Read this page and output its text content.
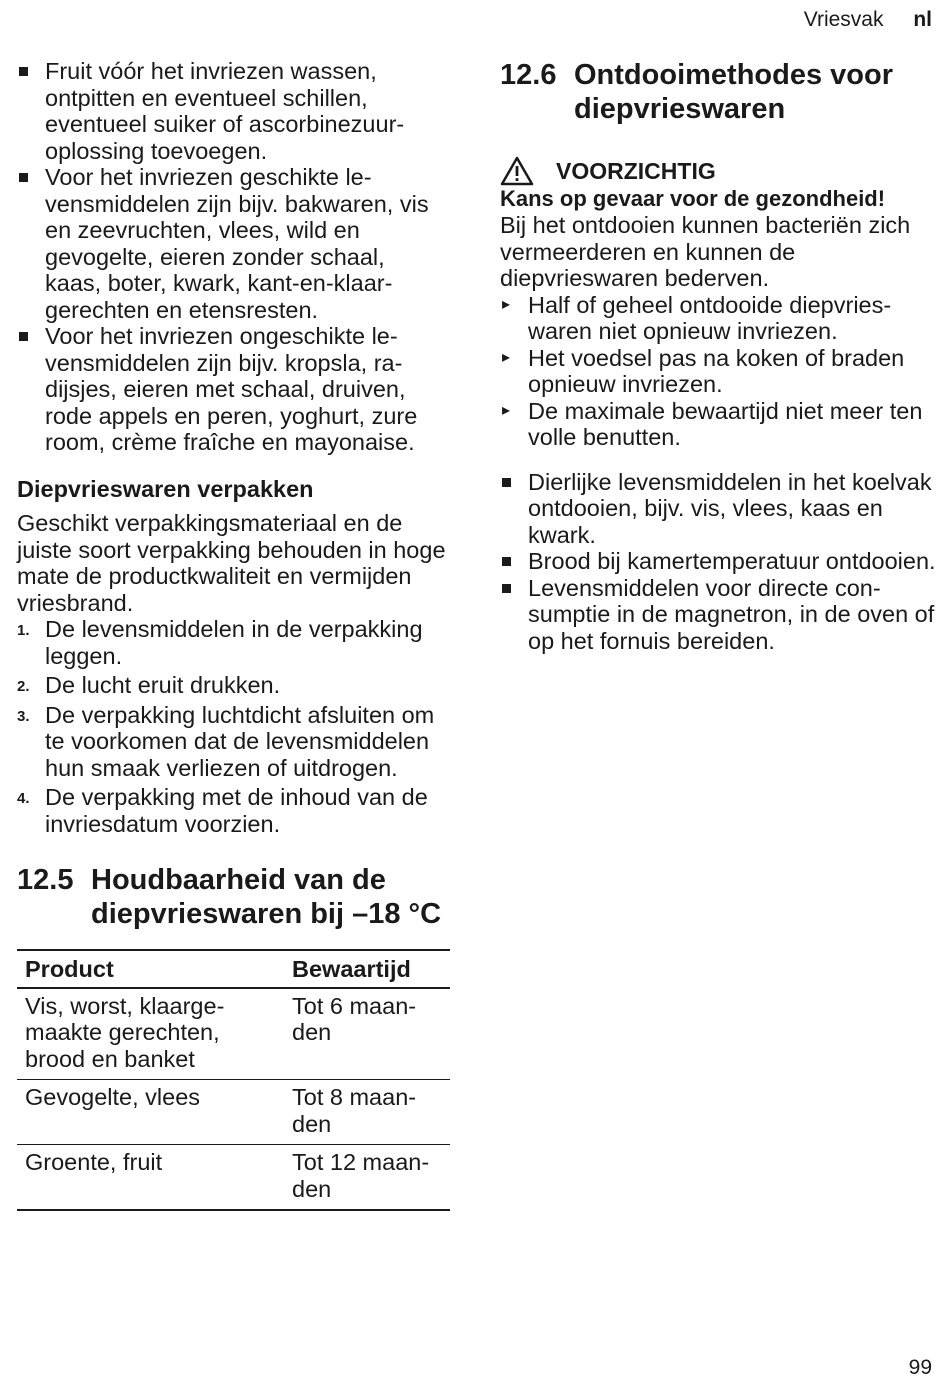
Vriesvak nl
Fruit vóór het invriezen wassen, ontpitten en eventueel schillen, eventueel suiker of ascorbinezuuroplossing toevoegen.
Voor het invriezen geschikte levensmiddelen zijn bijv. bakwaren, vis en zeevruchten, vlees, wild en gevogelte, eieren zonder schaal, kaas, boter, kwark, kant-en-klaargerechten en etensresten.
Voor het invriezen ongeschikte levensmiddelen zijn bijv. kropsla, radijsjes, eieren met schaal, druiven, rode appels en peren, yoghurt, zure room, crème fraîche en mayonaise.
Diepvrieswaren verpakken

Geschikt verpakkingsmateriaal en de juiste soort verpakking behouden in hoge mate de productkwaliteit en vermijden vriesbrand.

1. De levensmiddelen in de verpakking leggen.
2. De lucht eruit drukken.
3. De verpakking luchtdicht afsluiten om te voorkomen dat de levensmiddelen hun smaak verliezen of uitdrogen.
4. De verpakking met de inhoud van de invriesdatum voorzien.
12.5 Houdbaarheid van de diepvrieswaren bij –18 °C
Product	Bewaartijd
Vis, worst, klaargemaakte gerechten, brood en banket	Tot 6 maanden
Gevogelte, vlees	Tot 8 maanden
Groente, fruit	Tot 12 maanden
12.6 Ontdooimethodes voor diepvrieswaren
VOORZICHTIG
Kans op gevaar voor de gezondheid!

Bij het ontdooien kunnen bacteriën zich vermeerderen en kunnen de diepvrieswaren bederven.

▸ Half of geheel ontdooide diepvrieswaren niet opnieuw invriezen.
▸ Het voedsel pas na koken of braden opnieuw invriezen.
▸ De maximale bewaartijd niet meer ten volle benutten.
Dierlijke levensmiddelen in het koelvak ontdooien, bijv. vis, vlees, kaas en kwark.
Brood bij kamertemperatuur ontdooien.
Levensmiddelen voor directe consumptie in de magnetron, in de oven of op het fornuis bereiden.
99
